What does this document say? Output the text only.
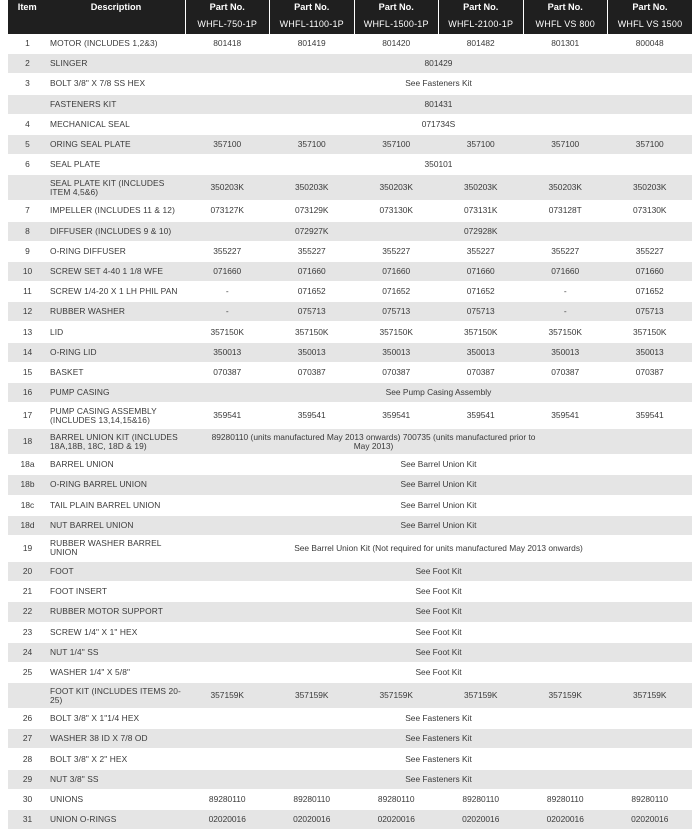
Item	Description	Part No.	Part No.	Part No.	Part No.	Part No.	Part No.
		WHFL-750-1P	WHFL-1100-1P	WHFL-1500-1P	WHFL-2100-1P	WHFL VS 800	WHFL VS 1500
1	MOTOR (INCLUDES 1,2&3)	801418	801419	801420	801482	801301	800048
2	SLINGER	801429					
3	BOLT 3/8" X 7/8 SS HEX	See Fasteners Kit					
	FASTENERS KIT	801431					
4	MECHANICAL SEAL	071734S					
5	ORING SEAL PLATE	357100	357100	357100	357100	357100	357100
6	SEAL PLATE	350101					
	SEAL PLATE KIT (INCLUDES ITEM 4,5&6)	350203K	350203K	350203K	350203K	350203K	350203K
7	IMPELLER (INCLUDES 11 & 12)	073127K	073129K	073130K	073131K	073128T	073130K
8	DIFFUSER (INCLUDES 9 & 10)		072927K		072928K		
9	O-RING DIFFUSER	355227	355227	355227	355227	355227	355227
10	SCREW SET 4-40 1 1/8 WFE	071660	071660	071660	071660	071660	071660
11	SCREW 1/4-20 X 1 LH PHIL PAN	-	071652	071652	071652	-	071652
12	RUBBER WASHER	-	075713	075713	075713	-	075713
13	LID	357150K	357150K	357150K	357150K	357150K	357150K
14	O-RING LID	350013	350013	350013	350013	350013	350013
15	BASKET	070387	070387	070387	070387	070387	070387
16	PUMP CASING	See Pump Casing Assembly					
17	PUMP CASING ASSEMBLY (INCLUDES 13,14,15&16)	359541	359541	359541	359541	359541	359541
18	BARREL UNION KIT (INCLUDES 18A,18B, 18C, 18D & 19)	89280110 (units manufactured May 2013 onwards) 700735 (units manufactured prior to May 2013)					
18a	BARREL UNION	See Barrel Union Kit					
18b	O-RING BARREL UNION	See Barrel Union Kit					
18c	TAIL PLAIN BARREL UNION	See Barrel Union Kit					
18d	NUT BARREL UNION	See Barrel Union Kit					
19	RUBBER WASHER BARREL UNION	See Barrel Union Kit (Not required for units manufactured May 2013 onwards)					
20	FOOT	See Foot Kit					
21	FOOT INSERT	See Foot Kit					
22	RUBBER MOTOR SUPPORT	See Foot Kit					
23	SCREW 1/4" X 1" HEX	See Foot Kit					
24	NUT 1/4" SS	See Foot Kit					
25	WASHER 1/4" X 5/8"	See Foot Kit					
	FOOT KIT (INCLUDES ITEMS 20-25)	357159K	357159K	357159K	357159K	357159K	357159K
26	BOLT 3/8" X 1"1/4 HEX	See Fasteners Kit					
27	WASHER 38 ID X 7/8 OD	See Fasteners Kit					
28	BOLT 3/8" X 2" HEX	See Fasteners Kit					
29	NUT 3/8" SS	See Fasteners Kit					
30	UNIONS	89280110	89280110	89280110	89280110	89280110	89280110
31	UNION O-RINGS	02020016	02020016	02020016	02020016	02020016	02020016
